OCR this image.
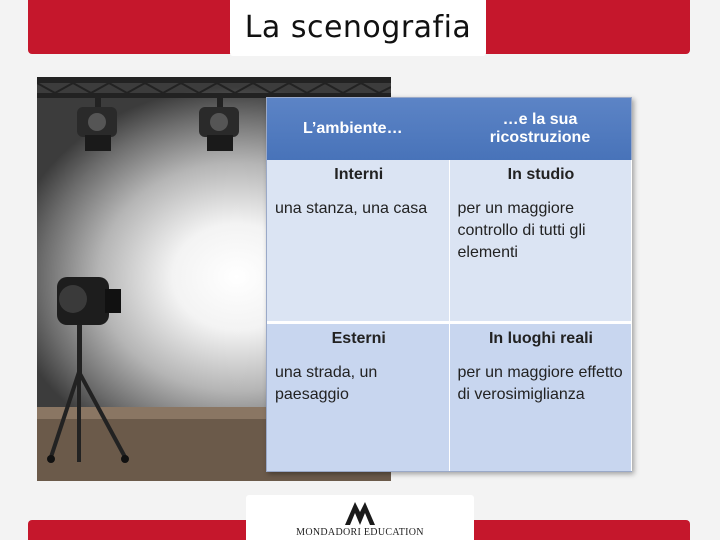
La scenografia
L’ambiente…	…e la sua ricostruzione
Interni	In studio
una stanza, una casa	per un maggiore controllo di tutti gli elementi
Esterni	In luoghi reali
una strada, un paesaggio	per un maggiore effetto di verosimiglianza
MONDADORI EDUCATION
